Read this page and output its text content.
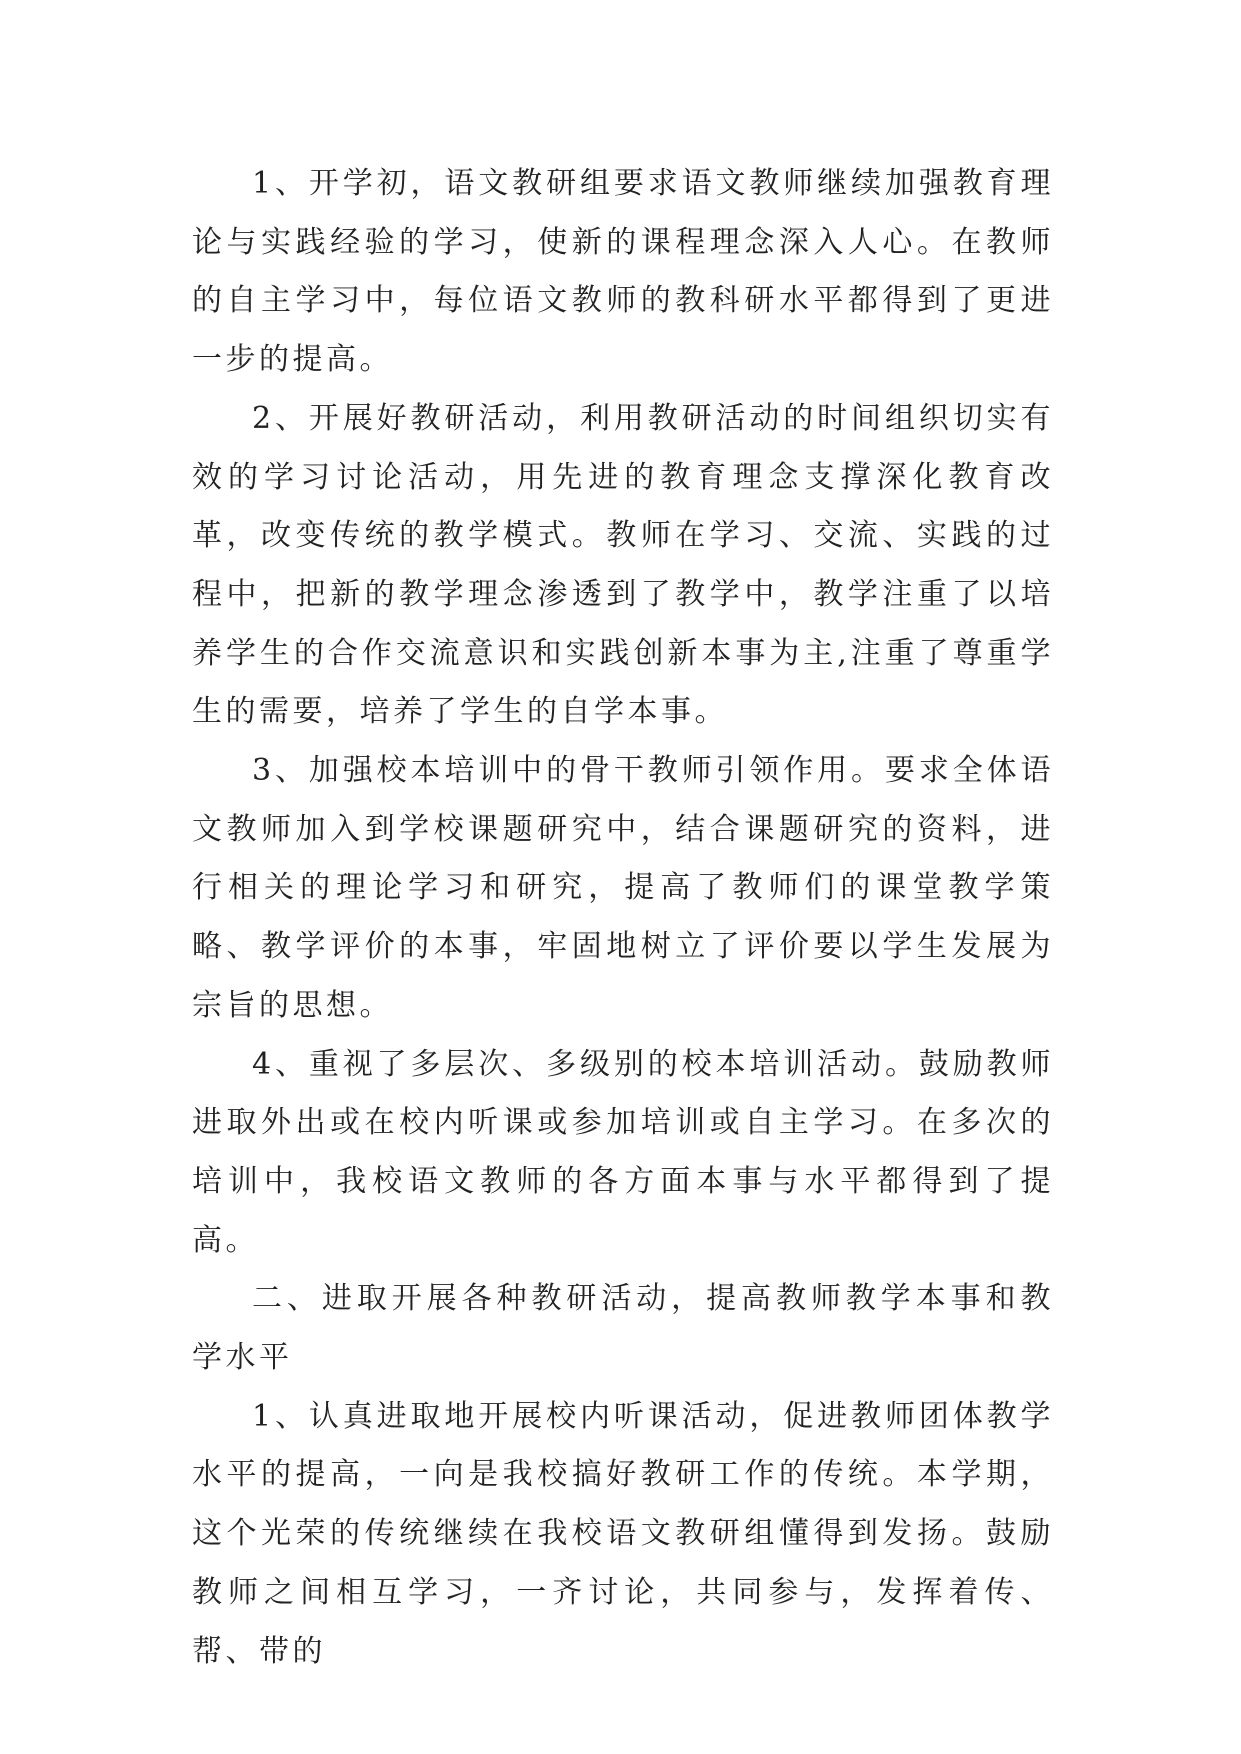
1、开学初，语文教研组要求语文教师继续加强教育理论与实践经验的学习，使新的课程理念深入人心。在教师的自主学习中，每位语文教师的教科研水平都得到了更进一步的提高。

2、开展好教研活动，利用教研活动的时间组织切实有效的学习讨论活动，用先进的教育理念支撑深化教育改革，改变传统的教学模式。教师在学习、交流、实践的过程中，把新的教学理念渗透到了教学中，教学注重了以培养学生的合作交流意识和实践创新本事为主,注重了尊重学生的需要，培养了学生的自学本事。

3、加强校本培训中的骨干教师引领作用。要求全体语文教师加入到学校课题研究中，结合课题研究的资料，进行相关的理论学习和研究，提高了教师们的课堂教学策略、教学评价的本事，牢固地树立了评价要以学生发展为宗旨的思想。

4、重视了多层次、多级别的校本培训活动。鼓励教师进取外出或在校内听课或参加培训或自主学习。在多次的培训中，我校语文教师的各方面本事与水平都得到了提高。

二、进取开展各种教研活动，提高教师教学本事和教学水平

1、认真进取地开展校内听课活动，促进教师团体教学水平的提高，一向是我校搞好教研工作的传统。本学期，这个光荣的传统继续在我校语文教研组懂得到发扬。鼓励教师之间相互学习，一齐讨论，共同参与，发挥着传、帮、带的
